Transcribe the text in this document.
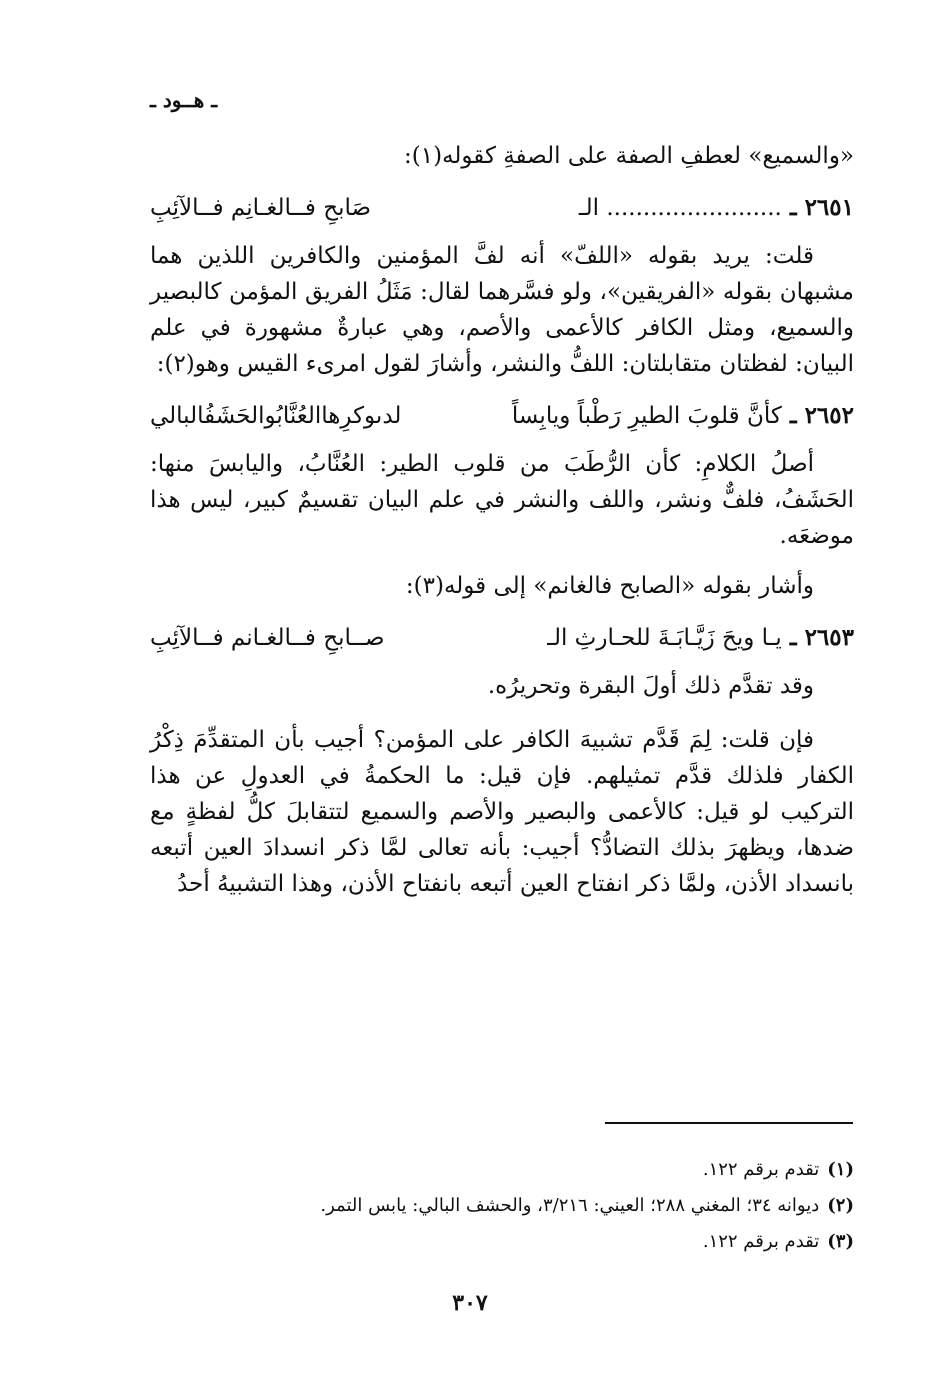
ـ هــود ـ

«والسميع» لعطفِ الصفة على الصفةِ كقوله(١):

٢٦٥١ ـ
........................ الـ
صَابحِ فــالغـانِم فــالآئِبِ

قلت: يريد بقوله «اللفّ» أنه لفَّ المؤمنين والكافرين اللذين هما مشبهان بقوله «الفريقين»، ولو فسَّرهما لقال: مَثَلُ الفريق المؤمن كالبصير والسميع، ومثل الكافر كالأعمى والأصم، وهي عبارةٌ مشهورة في علم البيان: لفظتان متقابلتان: اللفُّ والنشر، وأشارَ لقول امرىء القيس وهو(٢):

٢٦٥٢ ـ
كأنَّ قلوبَ الطيرِ رَطْباً ويابِساً
لدىوكرِهاالعُنَّابُوالحَشَفُالبالي

أصلُ الكلامِ: كأن الرُّطَبَ من قلوب الطير: العُنَّابُ، واليابسَ منها: الحَشَفُ، فلفٌّ ونشر، واللف والنشر في علم البيان تقسيمٌ كبير، ليس هذا موضعَه.

وأشار بقوله «الصابح فالغانم» إلى قوله(٣):

٢٦٥٣ ـ
يـا ويحَ زَيَّـابَـةَ للحـارثِ الـ
صــابحِ فــالغـانم فــالآئِبِ

وقد تقدَّم ذلك أولَ البقرة وتحريرُه.

فإن قلت: لِمَ قَدَّم تشبيهَ الكافر على المؤمن؟ أجيب بأن المتقدِّمَ ذِكْرُ الكفار فلذلك قدَّم تمثيلهم. فإن قيل: ما الحكمةُ في العدولِ عن هذا التركيب لو قيل: كالأعمى والبصير والأصم والسميع لتتقابلَ كلُّ لفظةٍ مع ضدها، ويظهرَ بذلك التضادُّ؟ أجيب: بأنه تعالى لمَّا ذكر انسدادَ العين أتبعه بانسداد الأذن، ولمَّا ذكر انفتاح العين أتبعه بانفتاح الأذن، وهذا التشبيهُ أحدُ

(١)تقدم برقم ١٢٢.
(٢)ديوانه ٣٤؛ المغني ٢٨٨؛ العيني: ٣/٢١٦، والحشف البالي: يابس التمر.
(٣)تقدم برقم ١٢٢.
٣٠٧
